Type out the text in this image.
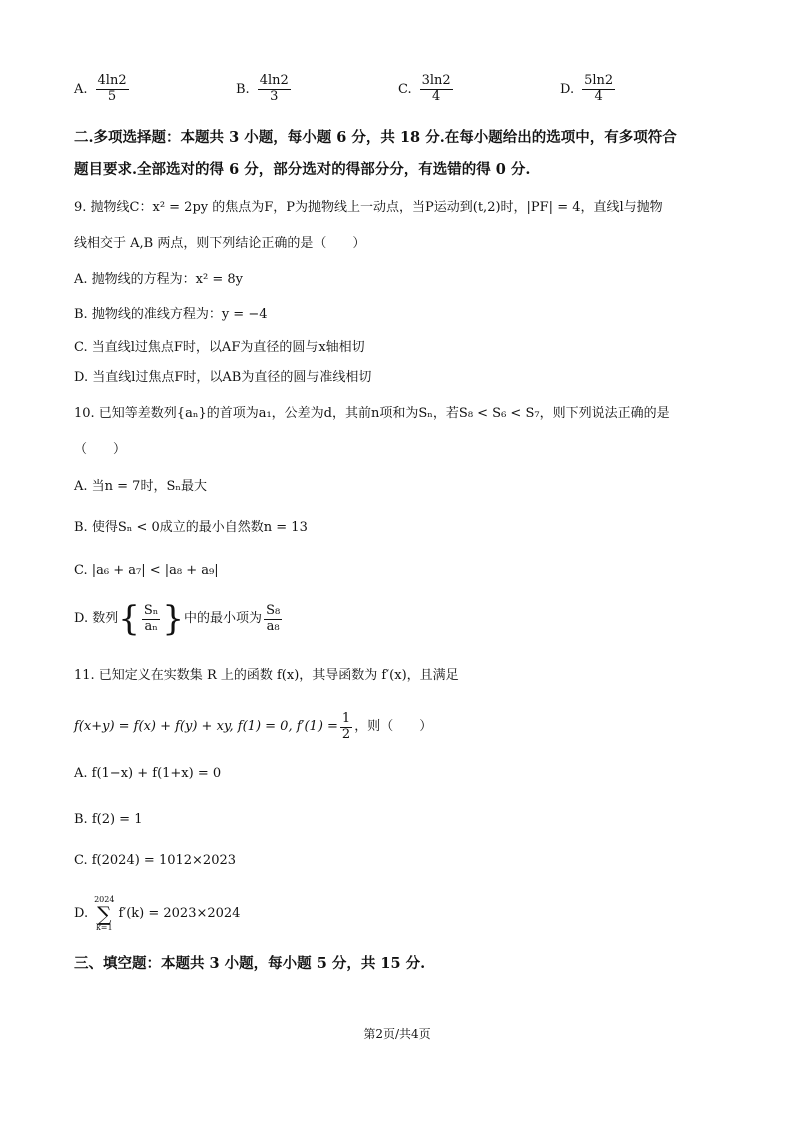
A. $\frac{4\ln 2}{5}$	B. $\frac{4\ln 2}{3}$	C. $\frac{3\ln 2}{4}$	D. $\frac{5\ln 2}{4}$
二.多项选择题：本题共 3 小题，每小题 6 分，共 18 分.在每小题给出的选项中，有多项符合
题目要求.全部选对的得 6 分，部分选对的得部分分，有选错的得 0 分.
9. 抛物线C：x² = 2py 的焦点为F，P为抛物线上一动点，当P运动到(t,2)时，|PF| = 4，直线l与抛物
线相交于 A,B 两点，则下列结论正确的是（　　）
A. 抛物线的方程为：x² = 8y
B. 抛物线的准线方程为：y = −4
C. 当直线l过焦点F时，以AF为直径的圆与x轴相切
D. 当直线l过焦点F时，以AB为直径的圆与准线相切
10. 已知等差数列{aₙ}的首项为a₁，公差为d，其前n项和为Sₙ，若S₈ < S₆ < S₇，则下列说法正确的是
（　　）
A. 当n = 7时，Sₙ最大
B. 使得Sₙ < 0成立的最小自然数n = 13
C. |a₆ + a₇| < |a₈ + a₉|
D. 数列 { $\frac{\text{Sₙ}}{\text{aₙ}}$ } 中的最小项为 $\frac{\text{S₈}}{\text{a₈}}$
11. 已知定义在实数集 R 上的函数 f(x)，其导函数为 f′(x)，且满足
f(x+y) = f(x) + f(y) + xy, f(1) = 0, $f'(1) = \frac{1}{2}$ ，则（　　）
A. f(1−x) + f(1+x) = 0
B. f(2) = 1
C. f(2024) = 1012×2023
D.
2024
∑
k=1
f′(k) = 2023×2024
三、填空题：本题共 3 小题，每小题 5 分，共 15 分.
第2页/共4页
